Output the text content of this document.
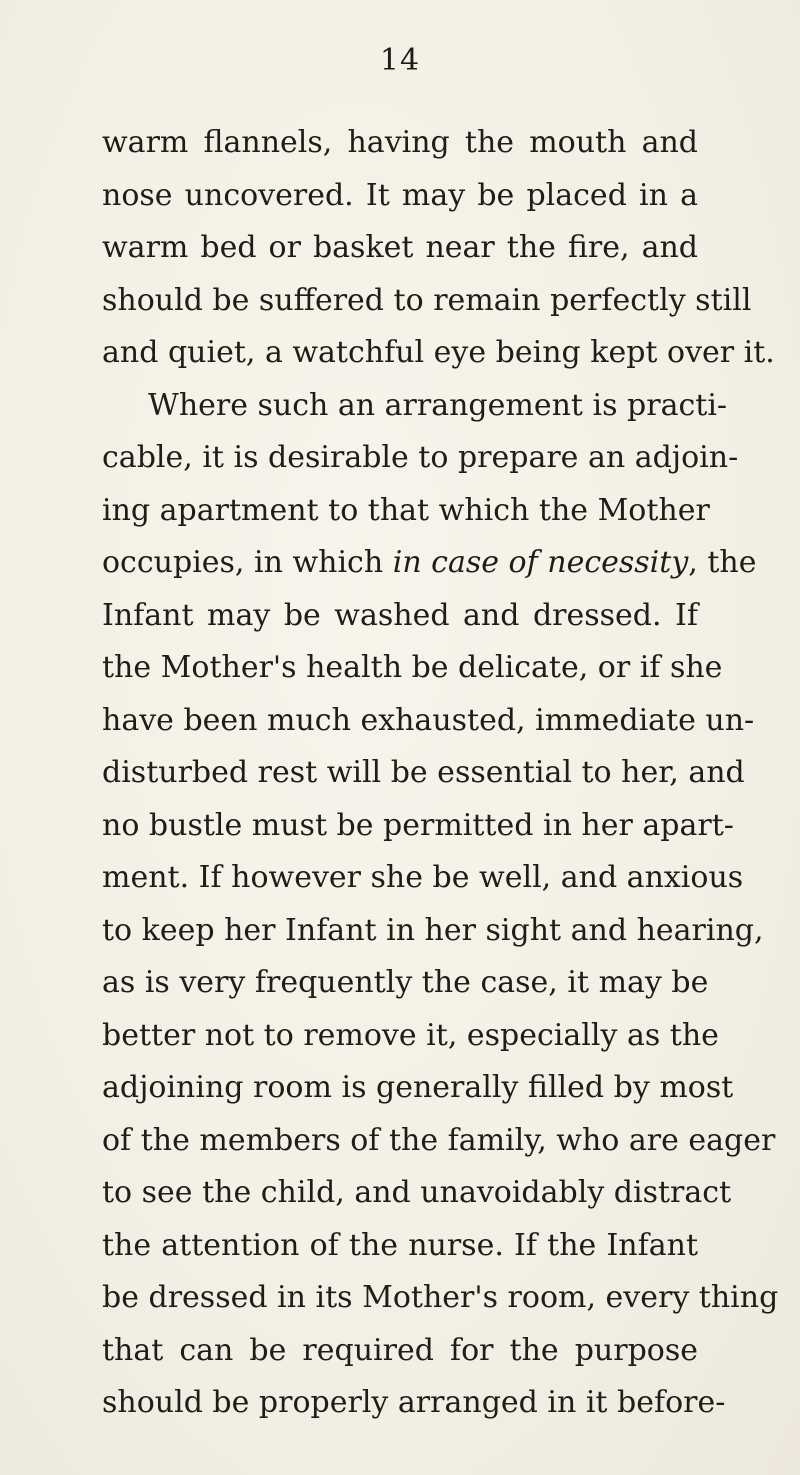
14
warm flannels, having the mouth and
nose uncovered. It may be placed in a
warm bed or basket near the fire, and
should be suffered to remain perfectly still
and quiet, a watchful eye being kept over it.
Where such an arrangement is practi-
cable, it is desirable to prepare an adjoin-
ing apartment to that which the Mother
occupies, in which in case of necessity, the
Infant may be washed and dressed. If
the Mother's health be delicate, or if she
have been much exhausted, immediate un-
disturbed rest will be essential to her, and
no bustle must be permitted in her apart-
ment. If however she be well, and anxious
to keep her Infant in her sight and hearing,
as is very frequently the case, it may be
better not to remove it, especially as the
adjoining room is generally filled by most
of the members of the family, who are eager
to see the child, and unavoidably distract
the attention of the nurse. If the Infant
be dressed in its Mother's room, every thing
that can be required for the purpose
should be properly arranged in it before-
